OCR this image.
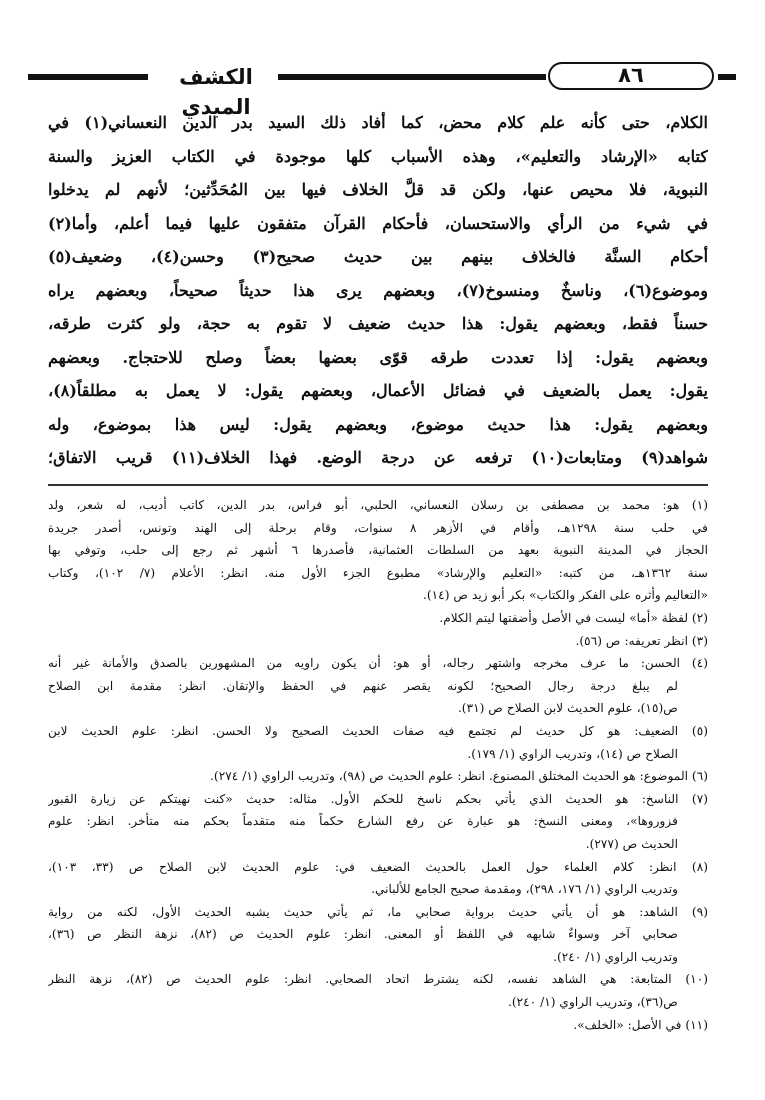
الكشف المبدي
٨٦
الكلام، حتى كأنه علم كلام محض، كما أفاد ذلك السيد بدر الدين النعساني(١) في
كتابه «الإرشاد والتعليم»، وهذه الأسباب كلها موجودة في الكتاب العزيز والسنة
النبوية، فلا محيص عنها، ولكن قد قلَّ الخلاف فيها بين المُحَدِّثين؛ لأنهم لم يدخلوا
في شيء من الرأي والاستحسان، فأحكام القرآن متفقون عليها فيما أعلم، وأما(٢)
أحكام السنَّة فالخلاف بينهم بين حديث صحيح(٣) وحسن(٤)، وضعيف(٥)
وموضوع(٦)، وناسخٌ ومنسوخ(٧)، وبعضهم يرى هذا حديثاً صحيحاً، وبعضهم يراه
حسناً فقط، وبعضهم يقول: هذا حديث ضعيف لا تقوم به حجة، ولو كثرت طرقه،
وبعضهم يقول: إذا تعددت طرقه قوّى بعضها بعضاً وصلح للاحتجاج. وبعضهم
يقول: يعمل بالضعيف في فضائل الأعمال، وبعضهم يقول: لا يعمل به مطلقاً(٨)،
وبعضهم يقول: هذا حديث موضوع، وبعضهم يقول: ليس هذا بموضوع، وله
شواهد(٩) ومتابعات(١٠) ترفعه عن درجة الوضع. فهذا الخلاف(١١) قريب الاتفاق؛
(١) هو: محمد بن مصطفى بن رسلان النعساني، الحلبي، أبو فراس، بدر الدين، كاتب أديب، له شعر، ولد
في حلب سنة ١٢٩٨هـ، وأقام في الأزهر ٨ سنوات، وقام برحلة إلى الهند وتونس، أصدر جريدة
الحجاز في المدينة النبوية بعهد من السلطات العثمانية، فأصدرها ٦ أشهر ثم رجع إلى حلب، وتوفي بها
سنة ١٣٦٢هـ، من كتبه: «التعليم والإرشاد» مطبوع الجزء الأول منه. انظر: الأعلام (٧/ ١٠٢)، وكتاب
«التعاليم وأثره على الفكر والكتاب» بكر أبو زيد ص (١٤).
(٢) لفظة «أما» ليست في الأصل وأضفتها ليتم الكلام.
(٣) انظر تعريفه: ص (٥٦).
(٤) الحسن: ما عرف مخرجه واشتهر رجاله، أو هو: أن يكون راويه من المشهورين بالصدق والأمانة غير أنه
لم يبلغ درجة رجال الصحيح؛ لكونه يقصر عنهم في الحفظ والإتقان. انظر: مقدمة ابن الصلاح
ص(١٥)، علوم الحديث لابن الصلاح ص (٣١).
(٥) الضعيف: هو كل حديث لم تجتمع فيه صفات الحديث الصحيح ولا الحسن. انظر: علوم الحديث لابن
الصلاح ص (١٤)، وتدريب الراوي (١/ ١٧٩).
(٦) الموضوع: هو الحديث المختلق المصنوع. انظر: علوم الحديث ص (٩٨)، وتدريب الراوي (١/ ٢٧٤).
(٧) الناسخ: هو الحديث الذي يأتي بحكم ناسخ للحكم الأول. مثاله: حديث «كنت نهيتكم عن زيارة القبور
فزوروها»، ومعنى النسخ: هو عبارة عن رفع الشارع حكماً منه متقدماً بحكم منه متأخر. انظر: علوم
الحديث ص (٢٧٧).
(٨) انظر: كلام العلماء حول العمل بالحديث الضعيف في: علوم الحديث لابن الصلاح ص (٣٣، ١٠٣)،
وتدريب الراوي (١/ ١٧٦، ٢٩٨)، ومقدمة صحيح الجامع للألباني.
(٩) الشاهد: هو أن يأتي حديث برواية صحابي ما، ثم يأتي حديث يشبه الحديث الأول، لكنه من رواية
صحابي آخر وسواءٌ شابهه في اللفظ أو المعنى. انظر: علوم الحديث ص (٨٢)، نزهة النظر ص (٣٦)،
وتدريب الراوي (١/ ٢٤٠).
(١٠) المتابعة: هي الشاهد نفسه، لكنه يشترط اتحاد الصحابي. انظر: علوم الحديث ص (٨٢)، نزهة النظر
ص(٣٦)، وتدريب الراوي (١/ ٢٤٠).
(١١) في الأصل: «الخلف».
